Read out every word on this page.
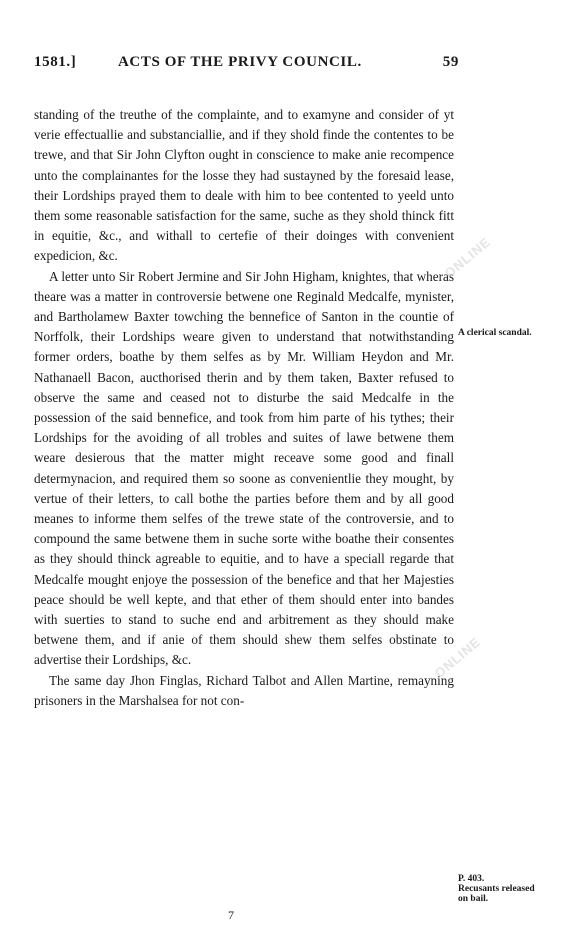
1581.]	ACTS OF THE PRIVY COUNCIL.	59

standing of the treuthe of the complainte, and to examyne and consider of yt verie effectuallie and substanciallie, and if they shold finde the contentes to be trewe, and that Sir John Clyfton ought in conscience to make anie recompence unto the complainantes for the losse they had sustayned by the foresaid lease, their Lordships prayed them to deale with him to bee contented to yeeld unto them some reasonable satisfaction for the same, suche as they shold thinck fitt in equitie, &c., and withall to certefie of their doinges with convenient expedicion, &c.

A letter unto Sir Robert Jermine and Sir John Higham, knightes, that wheras theare was a matter in controversie betwene one Reginald Medcalfe, mynister, and Bartholamew Baxter towching the bennefice of Santon in the countie of Norffolk, their Lordships weare given to understand that notwithstanding former orders, boathe by them selfes as by Mr. William Heydon and Mr. Nathanaell Bacon, aucthorised therin and by them taken, Baxter refused to observe the same and ceased not to disturbe the said Medcalfe in the possession of the said bennefice, and took from him parte of his tythes; their Lordships for the avoiding of all trobles and suites of lawe betwene them weare desierous that the matter might receave some good and finall determynacion, and required them so soone as convenientlie they mought, by vertue of their letters, to call bothe the parties before them and by all good meanes to informe them selfes of the trewe state of the controversie, and to compound the same betwene them in suche sorte withe boathe their consentes as they should thinck agreable to equitie, and to have a speciall regarde that Medcalfe mought enjoye the possession of the benefice and that her Majesties peace should be well kepte, and that ether of them should enter into bandes with suerties to stand to suche end and arbitrement as they should make betwene them, and if anie of them should shew them selfes obstinate to advertise their Lordships, &c.

The same day Jhon Finglas, Richard Talbot and Allen Martine, remayning prisoners in the Marshalsea for not con-

A clerical scandal.
P. 403.
Recusants released on bail.
7
ONLINE
ONLINE
